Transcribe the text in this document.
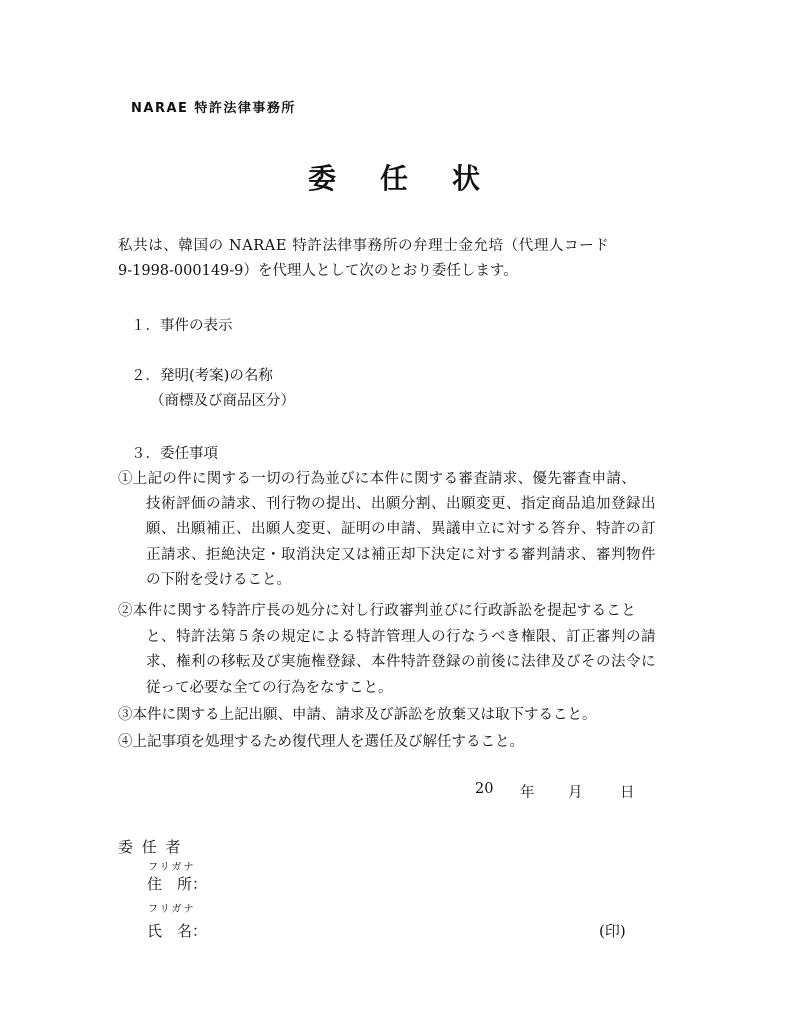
NARAE 特許法律事務所
委 任 状
私共は、韓国の NARAE 特許法律事務所の弁理士金允培（代理人コード
9-1998-000149-9）を代理人として次のとおり委任します。
１．事件の表示
２．発明(考案)の名称
（商標及び商品区分）
３．委任事項
①上記の件に関する一切の行為並びに本件に関する審査請求、優先審査申請、
技術評価の請求、刊行物の提出、出願分割、出願変更、指定商品追加登録出
願、出願補正、出願人変更、証明の申請、異議申立に対する答弁、特許の訂
正請求、拒絶決定・取消決定又は補正却下決定に対する審判請求、審判物件
の下附を受けること。
②本件に関する特許庁長の処分に対し行政審判並びに行政訴訟を提起すること
と、特許法第５条の規定による特許管理人の行なうべき権限、訂正審判の請
求、権利の移転及び実施権登録、本件特許登録の前後に法律及びその法令に
従って必要な全ての行為をなすこと。
③本件に関する上記出願、申請、請求及び訴訟を放棄又は取下すること。
④上記事項を処理するため復代理人を選任及び解任すること。
20 年 月	日
委 任 者
フリガナ
住　所：
フリガナ
氏　名：	(印)
